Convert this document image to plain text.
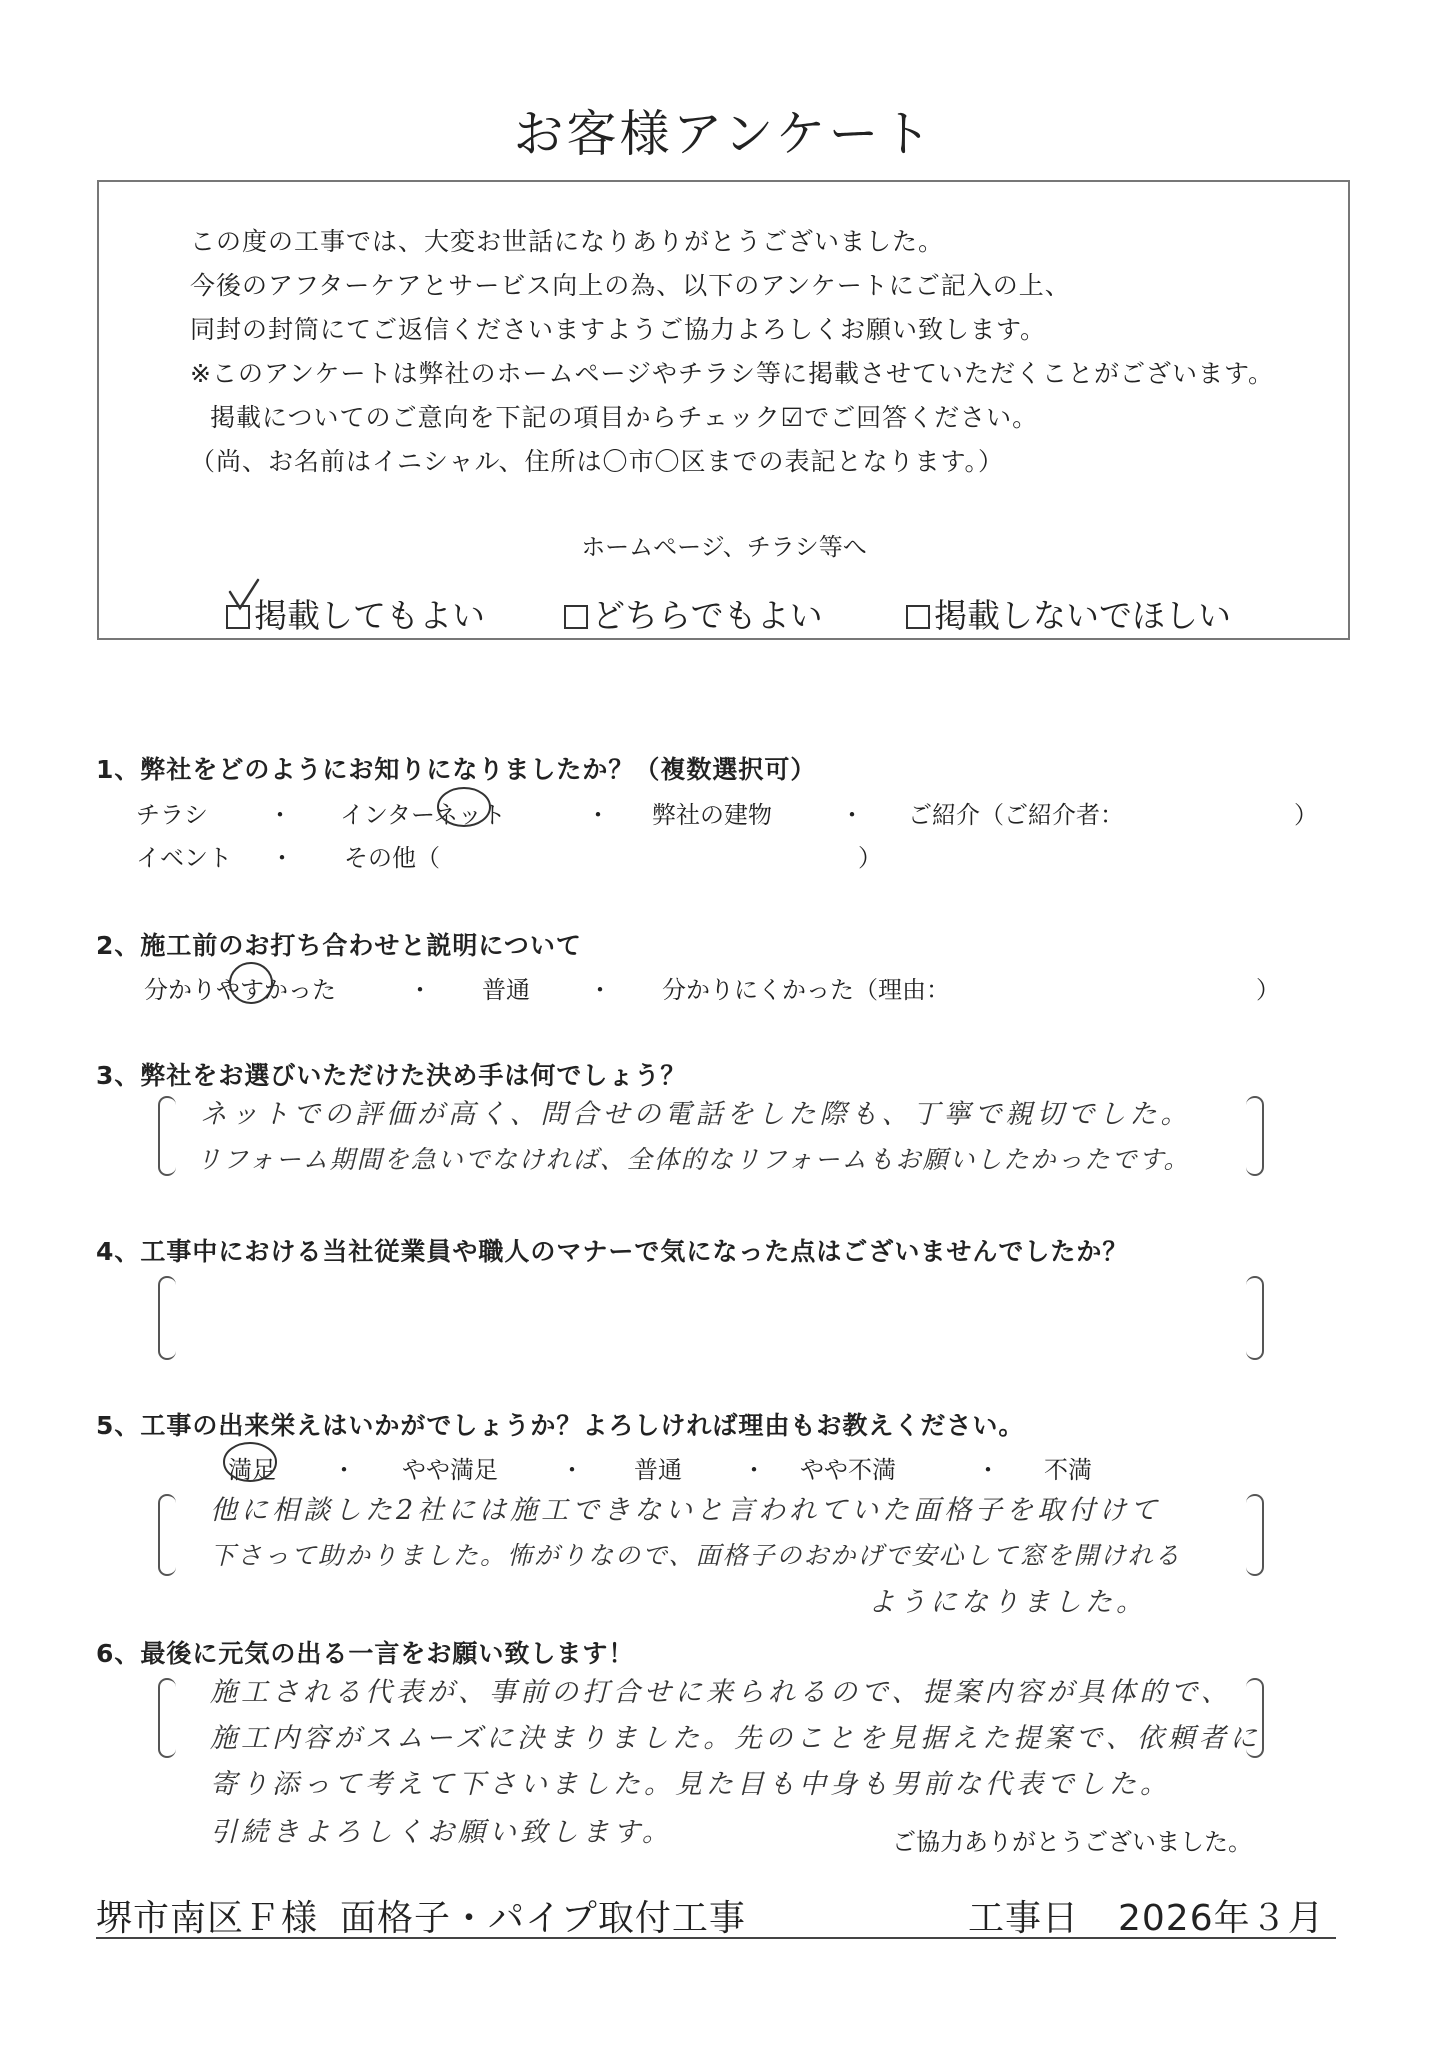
お客様アンケート
この度の工事では、大変お世話になりありがとうございました。
今後のアフターケアとサービス向上の為、以下のアンケートにご記入の上、
同封の封筒にてご返信くださいますようご協力よろしくお願い致します。
※このアンケートは弊社のホームページやチラシ等に掲載させていただくことがございます。
掲載についてのご意向を下記の項目からチェック☑でご回答ください。
（尚、お名前はイニシャル、住所は〇市〇区までの表記となります。）
ホームページ、チラシ等へ
掲載してもよい	どちらでもよい	掲載しないでほしい
1、弊社をどのようにお知りになりましたか？（複数選択可）
チラシ	・ インターネット	・ 弊社の建物	・ ご紹介（ご紹介者：	）
イベント ・ その他（	）
2、施工前のお打ち合わせと説明について
分かりやすかった	・ 普通 ・ 分かりにくかった（理由：	）
3、弊社をお選びいただけた決め手は何でしょう？
ネットでの評価が高く、問合せの電話をした際も、丁寧で親切でした。
リフォーム期間を急いでなければ、全体的なリフォームもお願いしたかったです。
4、工事中における当社従業員や職人のマナーで気になった点はございませんでしたか？
5、工事の出来栄えはいかがでしょうか？よろしければ理由もお教えください。
満足 ・ やや満足	・ 普通	・ やや不満	・ 不満
他に相談した2社には施工できないと言われていた面格子を取付けて
下さって助かりました。怖がりなので、面格子のおかげで安心して窓を開けれる
ようになりました。
6、最後に元気の出る一言をお願い致します！
施工される代表が、事前の打合せに来られるので、提案内容が具体的で、
施工内容がスムーズに決まりました。先のことを見据えた提案で、依頼者に
寄り添って考えて下さいました。見た目も中身も男前な代表でした。
引続きよろしくお願い致します。	ご協力ありがとうございました。
堺市南区Ｆ様 面格子・パイプ取付工事	工事日 2026年３月
